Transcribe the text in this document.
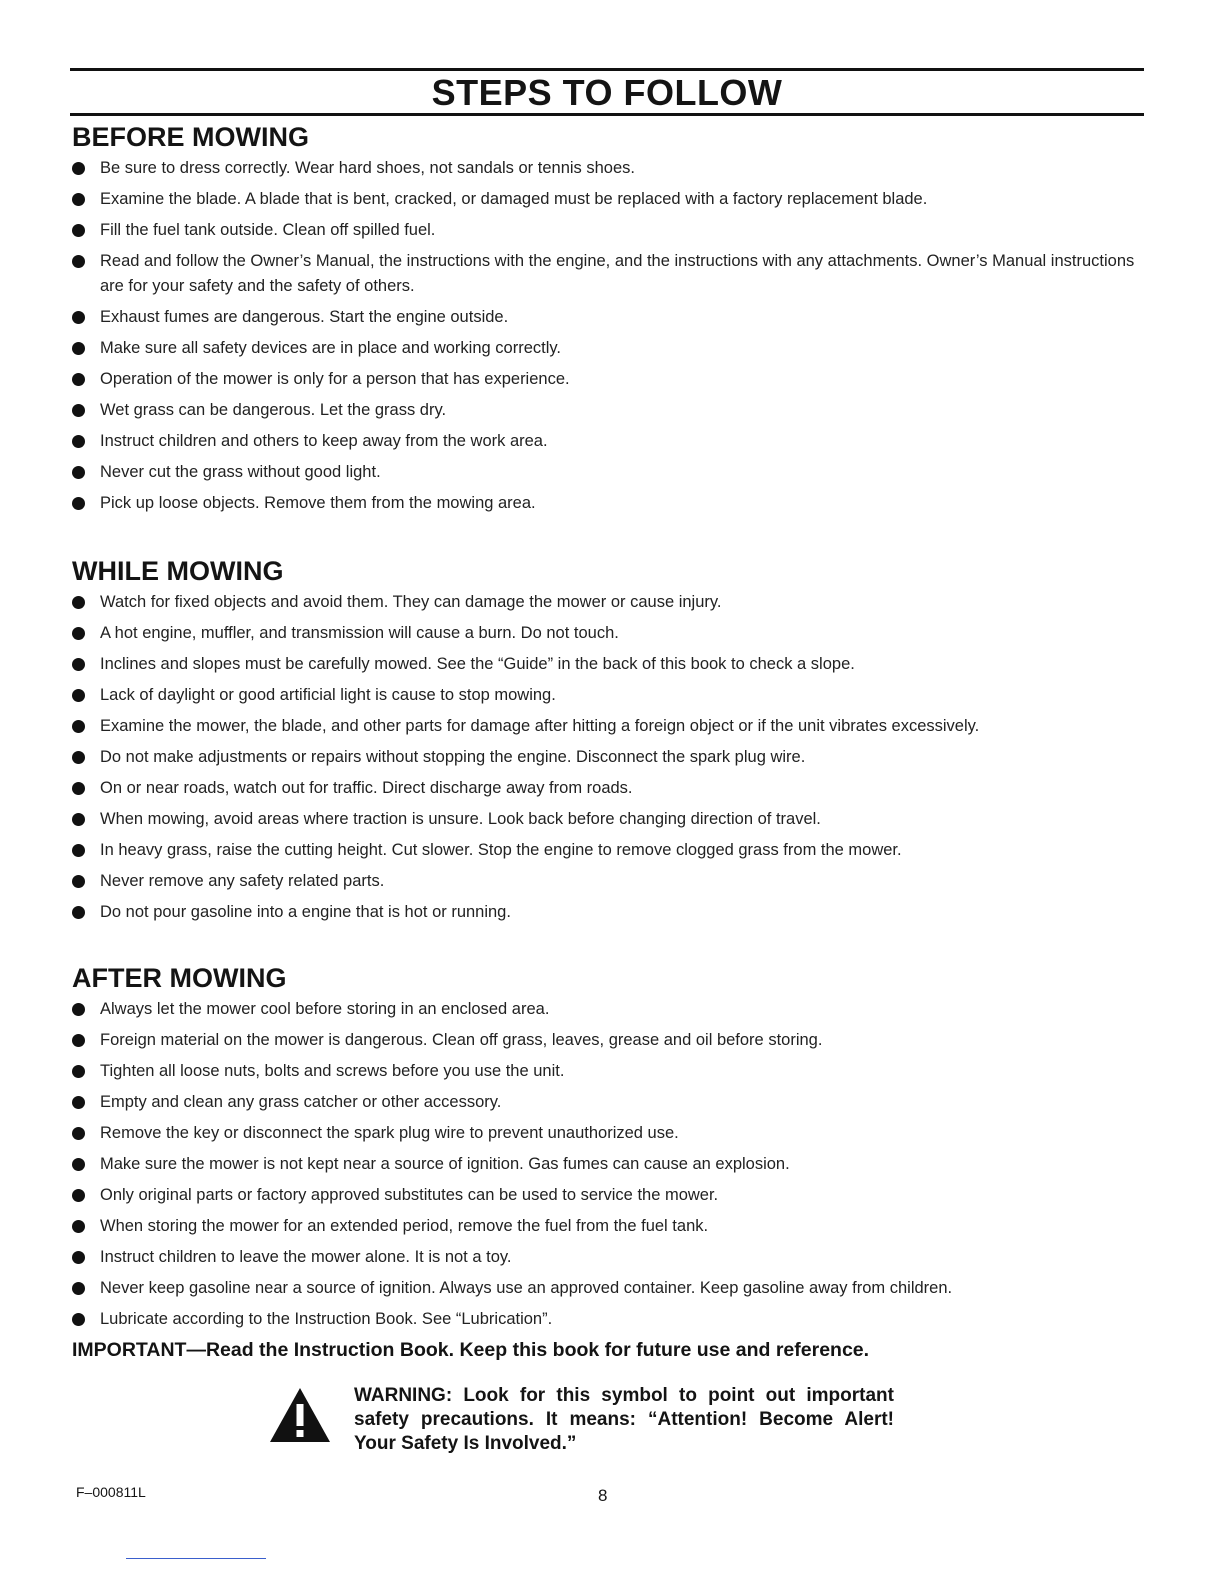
STEPS TO FOLLOW
BEFORE MOWING
Be sure to dress correctly. Wear hard shoes, not sandals or tennis shoes.
Examine the blade. A blade that is bent, cracked, or damaged must be replaced with a factory replacement blade.
Fill the fuel tank outside. Clean off spilled fuel.
Read and follow the Owner’s Manual, the instructions with the engine, and the instructions with any attachments. Owner’s Manual instructions are for your safety and the safety of others.
Exhaust fumes are dangerous. Start the engine outside.
Make sure all safety devices are in place and working correctly.
Operation of the mower is only for a person that has experience.
Wet grass can be dangerous. Let the grass dry.
Instruct children and others to keep away from the work area.
Never cut the grass without good light.
Pick up loose objects. Remove them from the mowing area.
WHILE MOWING
Watch for fixed objects and avoid them. They can damage the mower or cause injury.
A hot engine, muffler, and transmission will cause a burn. Do not touch.
Inclines and slopes must be carefully mowed. See the “Guide” in the back of this book to check a slope.
Lack of daylight or good artificial light is cause to stop mowing.
Examine the mower, the blade, and other parts for damage after hitting a foreign object or if the unit vibrates excessively.
Do not make adjustments or repairs without stopping the engine. Disconnect the spark plug wire.
On or near roads, watch out for traffic. Direct discharge away from roads.
When mowing, avoid areas where traction is unsure. Look back before changing direction of travel.
In heavy grass, raise the cutting height. Cut slower. Stop the engine to remove clogged grass from the mower.
Never remove any safety related parts.
Do not pour gasoline into a engine that is hot or running.
AFTER MOWING
Always let the mower cool before storing in an enclosed area.
Foreign material on the mower is dangerous. Clean off grass, leaves, grease and oil before storing.
Tighten all loose nuts, bolts and screws before you use the unit.
Empty and clean any grass catcher or other accessory.
Remove the key or disconnect the spark plug wire to prevent unauthorized use.
Make sure the mower is not kept near a source of ignition. Gas fumes can cause an explosion.
Only original parts or factory approved substitutes can be used to service the mower.
When storing the mower for an extended period, remove the fuel from the fuel tank.
Instruct children to leave the mower alone. It is not a toy.
Never keep gasoline near a source of ignition. Always use an approved container. Keep gasoline away from children.
Lubricate according to the Instruction Book. See “Lubrication”.
IMPORTANT—Read the Instruction Book. Keep this book for future use and reference.
WARNING: Look for this symbol to point out important safety precautions. It means: “Attention! Become Alert! Your Safety Is Involved.”
F–000811L	8
